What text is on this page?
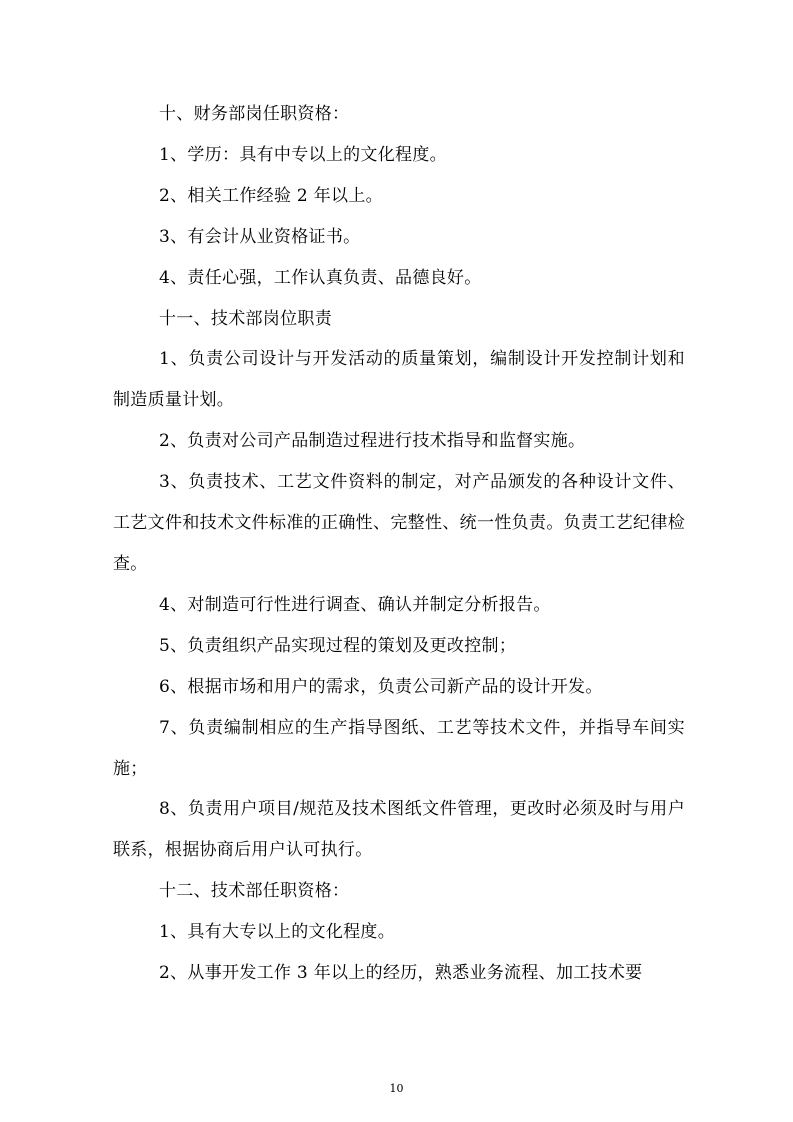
十、财务部岗任职资格：

1、学历：具有中专以上的文化程度。

2、相关工作经验 2 年以上。

3、有会计从业资格证书。

4、责任心强，工作认真负责、品德良好。

十一、技术部岗位职责

1、负责公司设计与开发活动的质量策划，编制设计开发控制计划和制造质量计划。

2、负责对公司产品制造过程进行技术指导和监督实施。

3、负责技术、工艺文件资料的制定，对产品颁发的各种设计文件、工艺文件和技术文件标准的正确性、完整性、统一性负责。负责工艺纪律检查。

4、对制造可行性进行调查、确认并制定分析报告。

5、负责组织产品实现过程的策划及更改控制；

6、根据市场和用户的需求，负责公司新产品的设计开发。

7、负责编制相应的生产指导图纸、工艺等技术文件，并指导车间实施；

8、负责用户项目/规范及技术图纸文件管理，更改时必须及时与用户联系，根据协商后用户认可执行。

十二、技术部任职资格：

1、具有大专以上的文化程度。

2、从事开发工作 3 年以上的经历，熟悉业务流程、加工技术要

10
